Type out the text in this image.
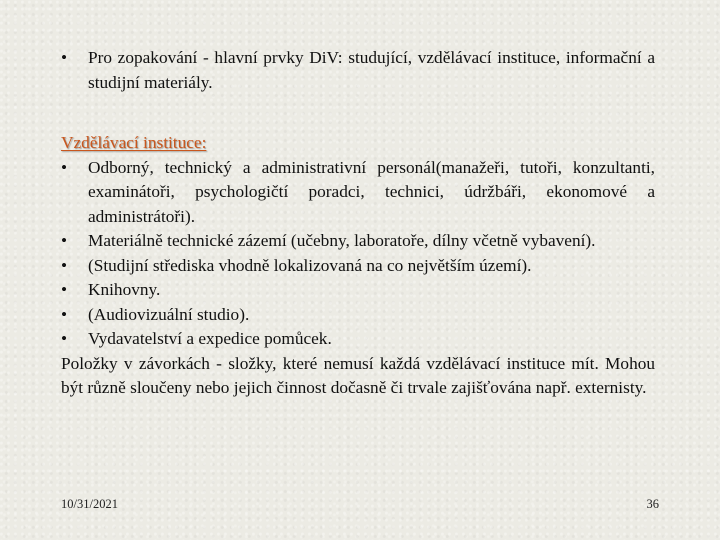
•	Pro zopakování - hlavní prvky DiV: studující, vzdělávací instituce, informační a studijní materiály.
Vzdělávací instituce:
•	Odborný, technický a administrativní personál(manažeři, tutoři, konzultanti, examinátoři, psychologičtí poradci, technici, údržbáři, ekonomové a administrátoři).
•	Materiálně technické zázemí (učebny, laboratoře, dílny včetně vybavení).
•	(Studijní střediska vhodně lokalizovaná na co největším území).
•	Knihovny.
•	(Audiovizuální studio).
•	Vydavatelství a expedice pomůcek.
Položky v závorkách - složky, které nemusí každá vzdělávací instituce mít. Mohou být různě sloučeny nebo jejich činnost dočasně či trvale zajišťována např. externisty.
10/31/2021	36
